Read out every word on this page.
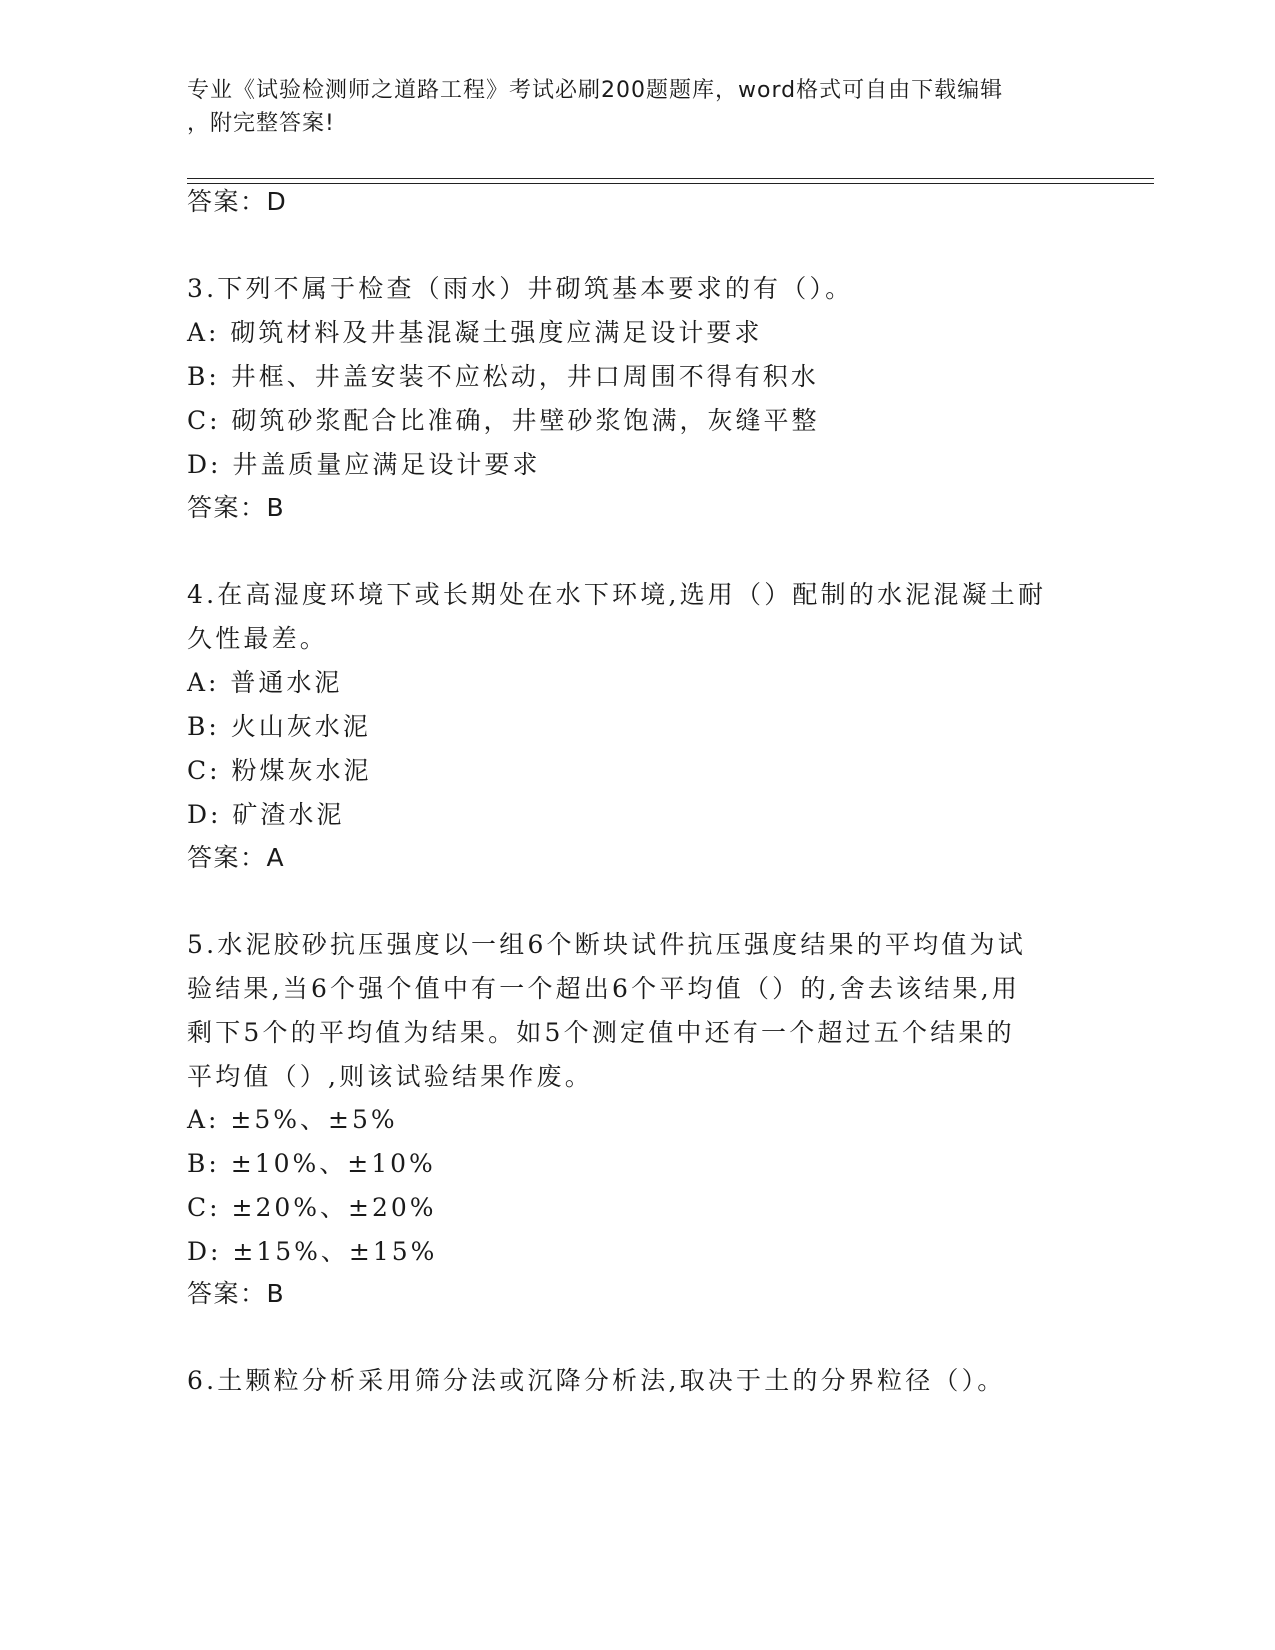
专业《试验检测师之道路工程》考试必刷200题题库，word格式可自由下载编辑
，附完整答案!
答案：D
3.下列不属于检查（雨水）井砌筑基本要求的有（）。
A: 砌筑材料及井基混凝土强度应满足设计要求
B: 井框、井盖安装不应松动，井口周围不得有积水
C: 砌筑砂浆配合比准确，井壁砂浆饱满，灰缝平整
D: 井盖质量应满足设计要求
答案：B
4.在高湿度环境下或长期处在水下环境,选用（）配制的水泥混凝土耐
久性最差。
A: 普通水泥
B: 火山灰水泥
C: 粉煤灰水泥
D: 矿渣水泥
答案：A
5.水泥胶砂抗压强度以一组6个断块试件抗压强度结果的平均值为试
验结果,当6个强个值中有一个超出6个平均值（）的,舍去该结果,用
剩下5个的平均值为结果。如5个测定值中还有一个超过五个结果的
平均值（）,则该试验结果作废。
A: ±5%、±5%
B: ±10%、±10%
C: ±20%、±20%
D: ±15%、±15%
答案：B
6.土颗粒分析采用筛分法或沉降分析法,取决于土的分界粒径（）。
